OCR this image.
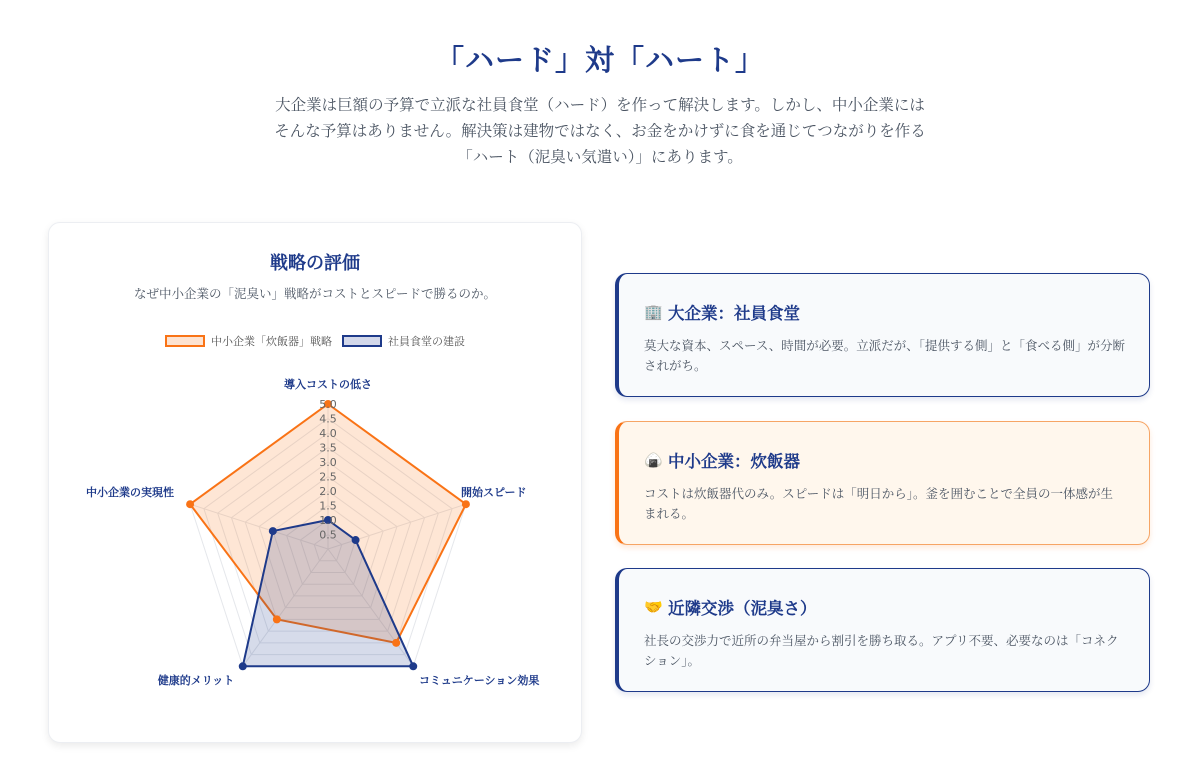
「ハード」対「ハート」
大企業は巨額の予算で立派な社員食堂（ハード）を作って解決します。しかし、中小企業には
そんな予算はありません。解決策は建物ではなく、お金をかけずに食を通じてつながりを作る
「ハート（泥臭い気遣い）」にあります。
戦略の評価
なぜ中小企業の「泥臭い」戦略がコストとスピードで勝るのか。
中小企業「炊飯器」戦略	社員食堂の建設
0.5
1.0
1.5
2.0
2.5
3.0
3.5
4.0
4.5
5.0
導入コストの低さ
開始スピード
コミュニケーション効果
健康的メリット
中小企業の実現性
🏢 大企業：社員食堂
莫大な資本、スペース、時間が必要。立派だが、「提供する側」と「食べる側」が分断されがち。
🍙 中小企業：炊飯器
コストは炊飯器代のみ。スピードは「明日から」。釜を囲むことで全員の一体感が生まれる。
🤝 近隣交渉（泥臭さ）
社長の交渉力で近所の弁当屋から割引を勝ち取る。アプリ不要、必要なのは「コネクション」。
